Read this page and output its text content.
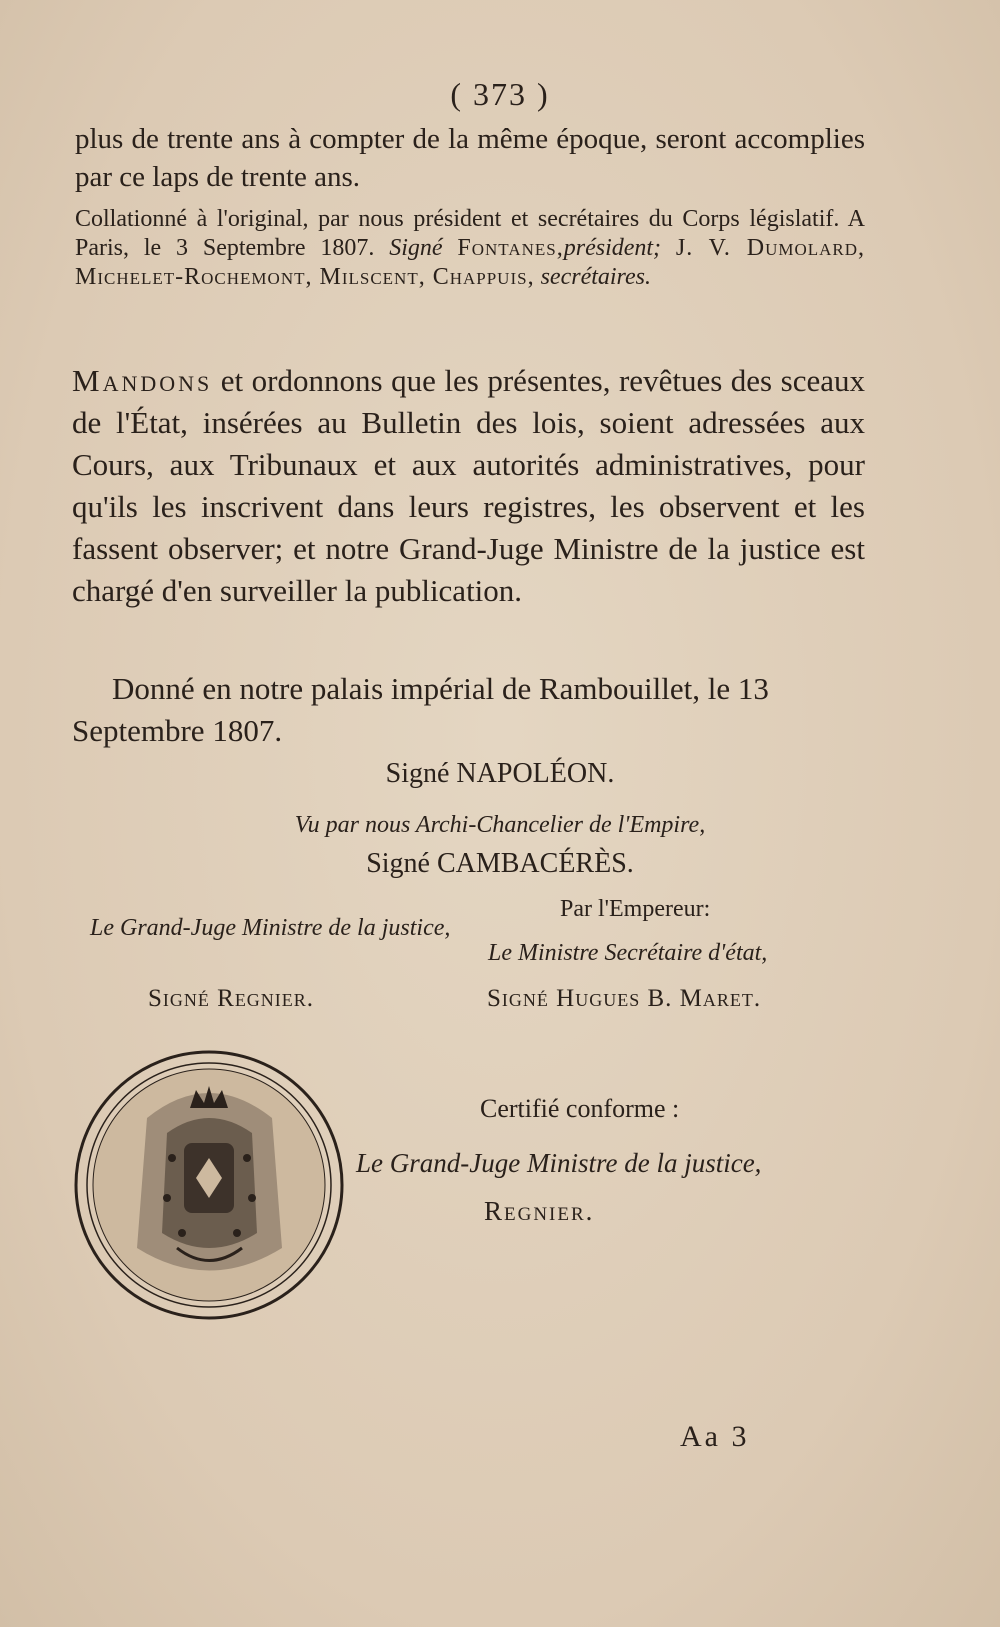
( 373 )

plus de trente ans à compter de la même époque, seront accomplies par ce laps de trente ans.

Collationné à l'original, par nous président et secrétaires du Corps législatif. A Paris, le 3 Septembre 1807. Signé Fontanes,président; J. V. Dumolard, Michelet-Rochemont, Milscent, Chappuis, secrétaires.

Mandons et ordonnons que les présentes, revêtues des sceaux de l'État, insérées au Bulletin des lois, soient adressées aux Cours, aux Tribunaux et aux autorités administratives, pour qu'ils les inscrivent dans leurs registres, les observent et les fassent observer; et notre Grand-Juge Ministre de la justice est chargé d'en surveiller la publication.

Donné en notre palais impérial de Rambouillet, le 13 Septembre 1807.

Signé NAPOLÉON.
Vu par nous Archi-Chancelier de l'Empire,
Signé CAMBACÉRÈS.
Le Grand-Juge Ministre de la justice,
Signé Regnier.
Par l'Empereur:
Le Ministre Secrétaire d'état,
Signé Hugues B. Maret.
Certifié conforme :
Le Grand-Juge Ministre de la justice,
Regnier.
Aa 3
